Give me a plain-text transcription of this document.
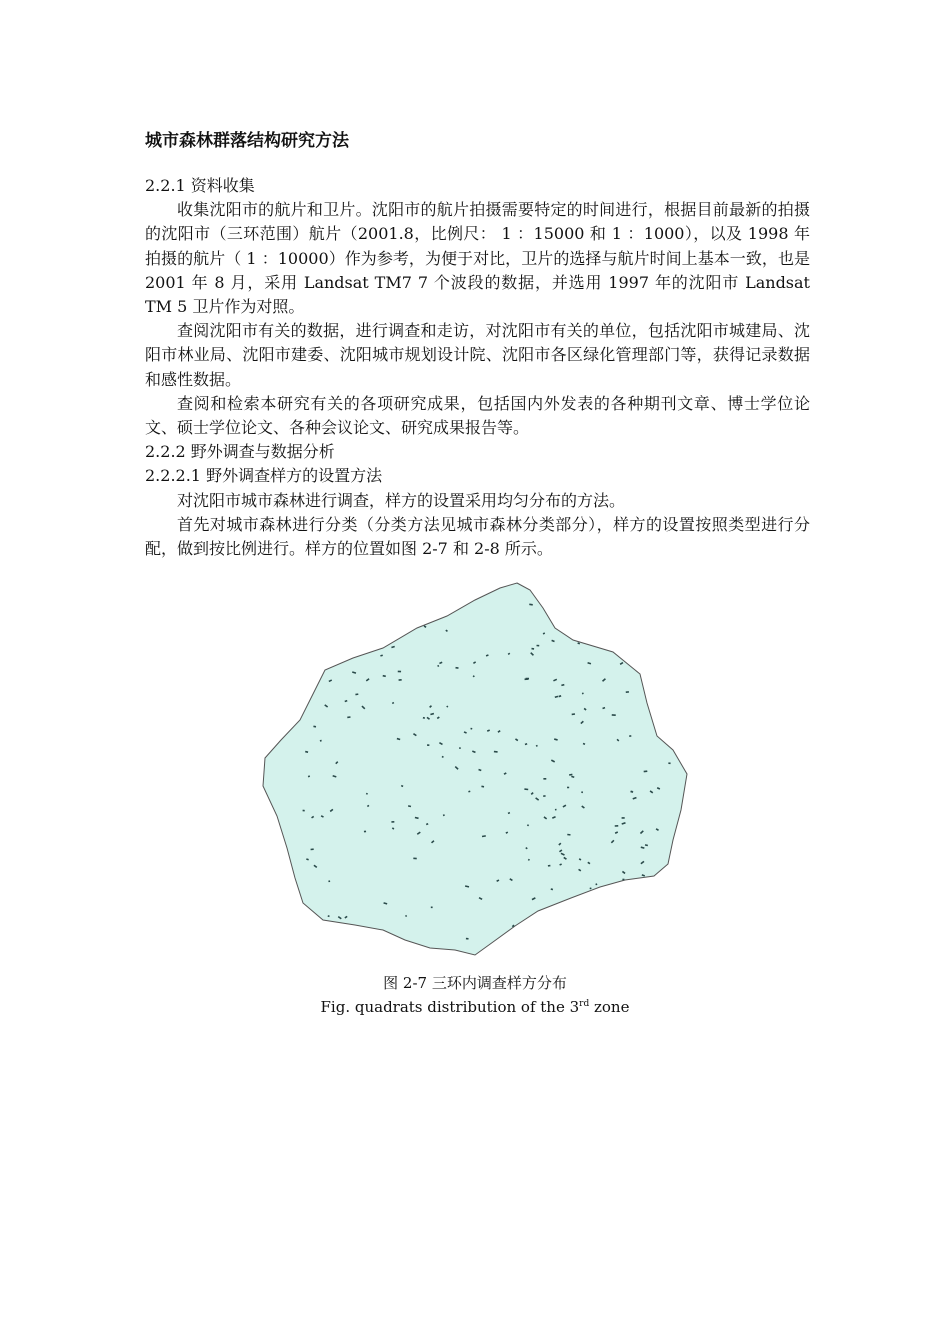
城市森林群落结构研究方法

2.2.1 资料收集

收集沈阳市的航片和卫片。沈阳市的航片拍摄需要特定的时间进行，根据目前最新的拍摄的沈阳市（三环范围）航片（2001.8，比例尺： 1 ：15000 和 1 ：1000），以及 1998 年拍摄的航片（ 1 ：10000）作为参考，为便于对比，卫片的选择与航片时间上基本一致，也是 2001 年 8 月，采用 Landsat TM7 7 个波段的数据，并选用 1997 年的沈阳市 Landsat TM 5 卫片作为对照。

查阅沈阳市有关的数据，进行调查和走访，对沈阳市有关的单位，包括沈阳市城建局、沈阳市林业局、沈阳市建委、沈阳城市规划设计院、沈阳市各区绿化管理部门等，获得记录数据和感性数据。

查阅和检索本研究有关的各项研究成果，包括国内外发表的各种期刊文章、博士学位论文、硕士学位论文、各种会议论文、研究成果报告等。

2.2.2 野外调查与数据分析

2.2.2.1 野外调查样方的设置方法

对沈阳市城市森林进行调查，样方的设置采用均匀分布的方法。

首先对城市森林进行分类（分类方法见城市森林分类部分），样方的设置按照类型进行分配，做到按比例进行。样方的位置如图 2-7 和 2-8 所示。

图 2-7 三环内调查样方分布
Fig. quadrats distribution of the 3rd zone
